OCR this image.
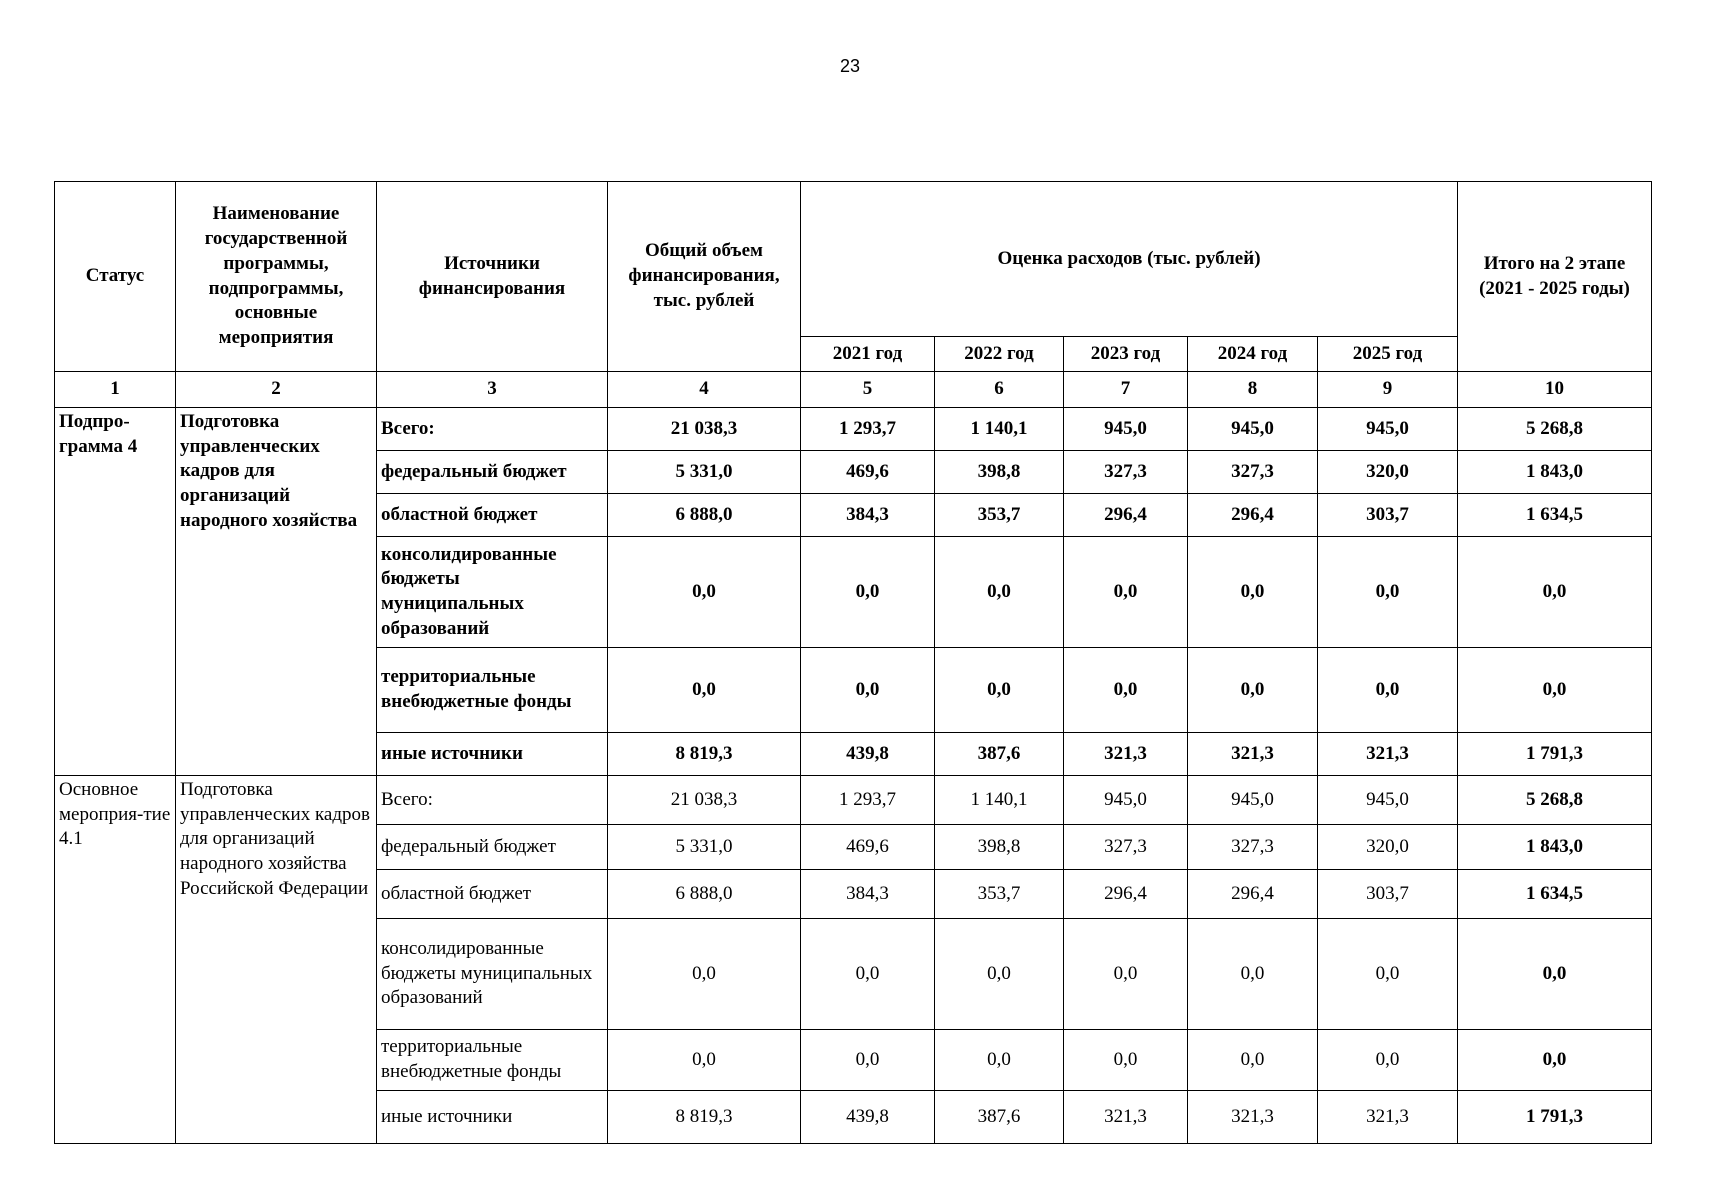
23
Статус	Наименование государственной программы, подпрограммы, основные мероприятия	Источники финансирования	Общий объем финансирования, тыс. рублей	Оценка расходов (тыс. рублей)					Итого на 2 этапе (2021 - 2025 годы)
				2021 год	2022 год	2023 год	2024 год	2025 год	
1	2	3	4	5	6	7	8	9	10
Подпро-грамма 4	Подготовка управленческих кадров для организаций народного хозяйства	Всего:	21 038,3	1 293,7	1 140,1	945,0	945,0	945,0	5 268,8
		федеральный бюджет	5 331,0	469,6	398,8	327,3	327,3	320,0	1 843,0
		областной бюджет	6 888,0	384,3	353,7	296,4	296,4	303,7	1 634,5
		консолидированные бюджеты муниципальных образований	0,0	0,0	0,0	0,0	0,0	0,0	0,0
		территориальные внебюджетные фонды	0,0	0,0	0,0	0,0	0,0	0,0	0,0
		иные источники	8 819,3	439,8	387,6	321,3	321,3	321,3	1 791,3
Основное мероприя-тие 4.1	Подготовка управленческих кадров для организаций народного хозяйства Российской Федерации	Всего:	21 038,3	1 293,7	1 140,1	945,0	945,0	945,0	5 268,8
		федеральный бюджет	5 331,0	469,6	398,8	327,3	327,3	320,0	1 843,0
		областной бюджет	6 888,0	384,3	353,7	296,4	296,4	303,7	1 634,5
		консолидированные бюджеты муниципальных образований	0,0	0,0	0,0	0,0	0,0	0,0	0,0
		территориальные внебюджетные фонды	0,0	0,0	0,0	0,0	0,0	0,0	0,0
		иные источники	8 819,3	439,8	387,6	321,3	321,3	321,3	1 791,3
